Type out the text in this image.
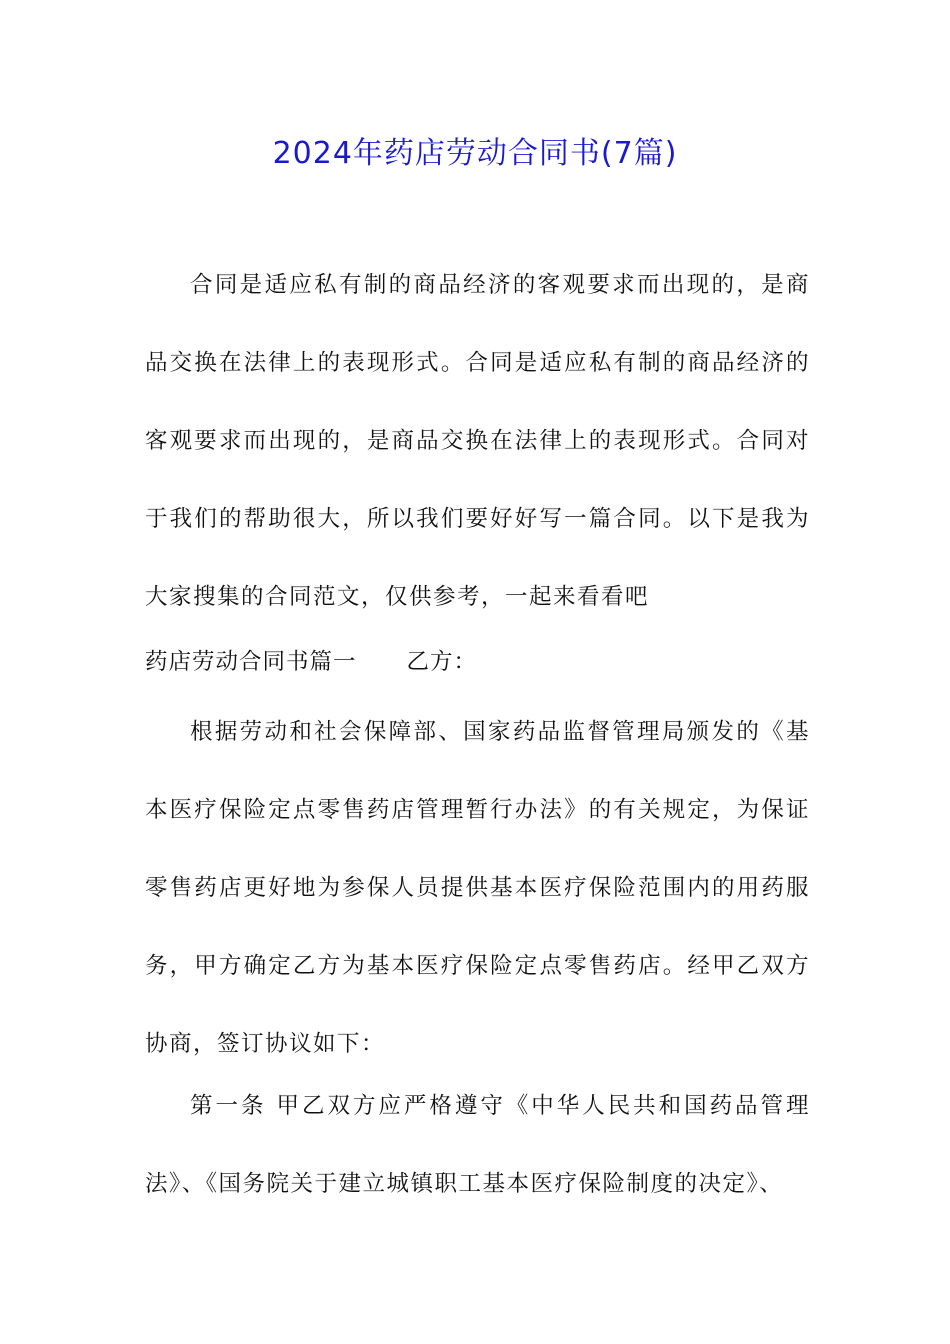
2024年药店劳动合同书(7篇)
合同是适应私有制的商品经济的客观要求而出现的，是商品交换在法律上的表现形式。合同是适应私有制的商品经济的客观要求而出现的，是商品交换在法律上的表现形式。合同对于我们的帮助很大，所以我们要好好写一篇合同。以下是我为大家搜集的合同范文，仅供参考，一起来看看吧
药店劳动合同书篇一 乙方：
根据劳动和社会保障部、国家药品监督管理局颁发的《基本医疗保险定点零售药店管理暂行办法》的有关规定，为保证零售药店更好地为参保人员提供基本医疗保险范围内的用药服务，甲方确定乙方为基本医疗保险定点零售药店。经甲乙双方协商，签订协议如下：
第一条 甲乙双方应严格遵守《中华人民共和国药品管理法》、《国务院关于建立城镇职工基本医疗保险制度的决定》、
